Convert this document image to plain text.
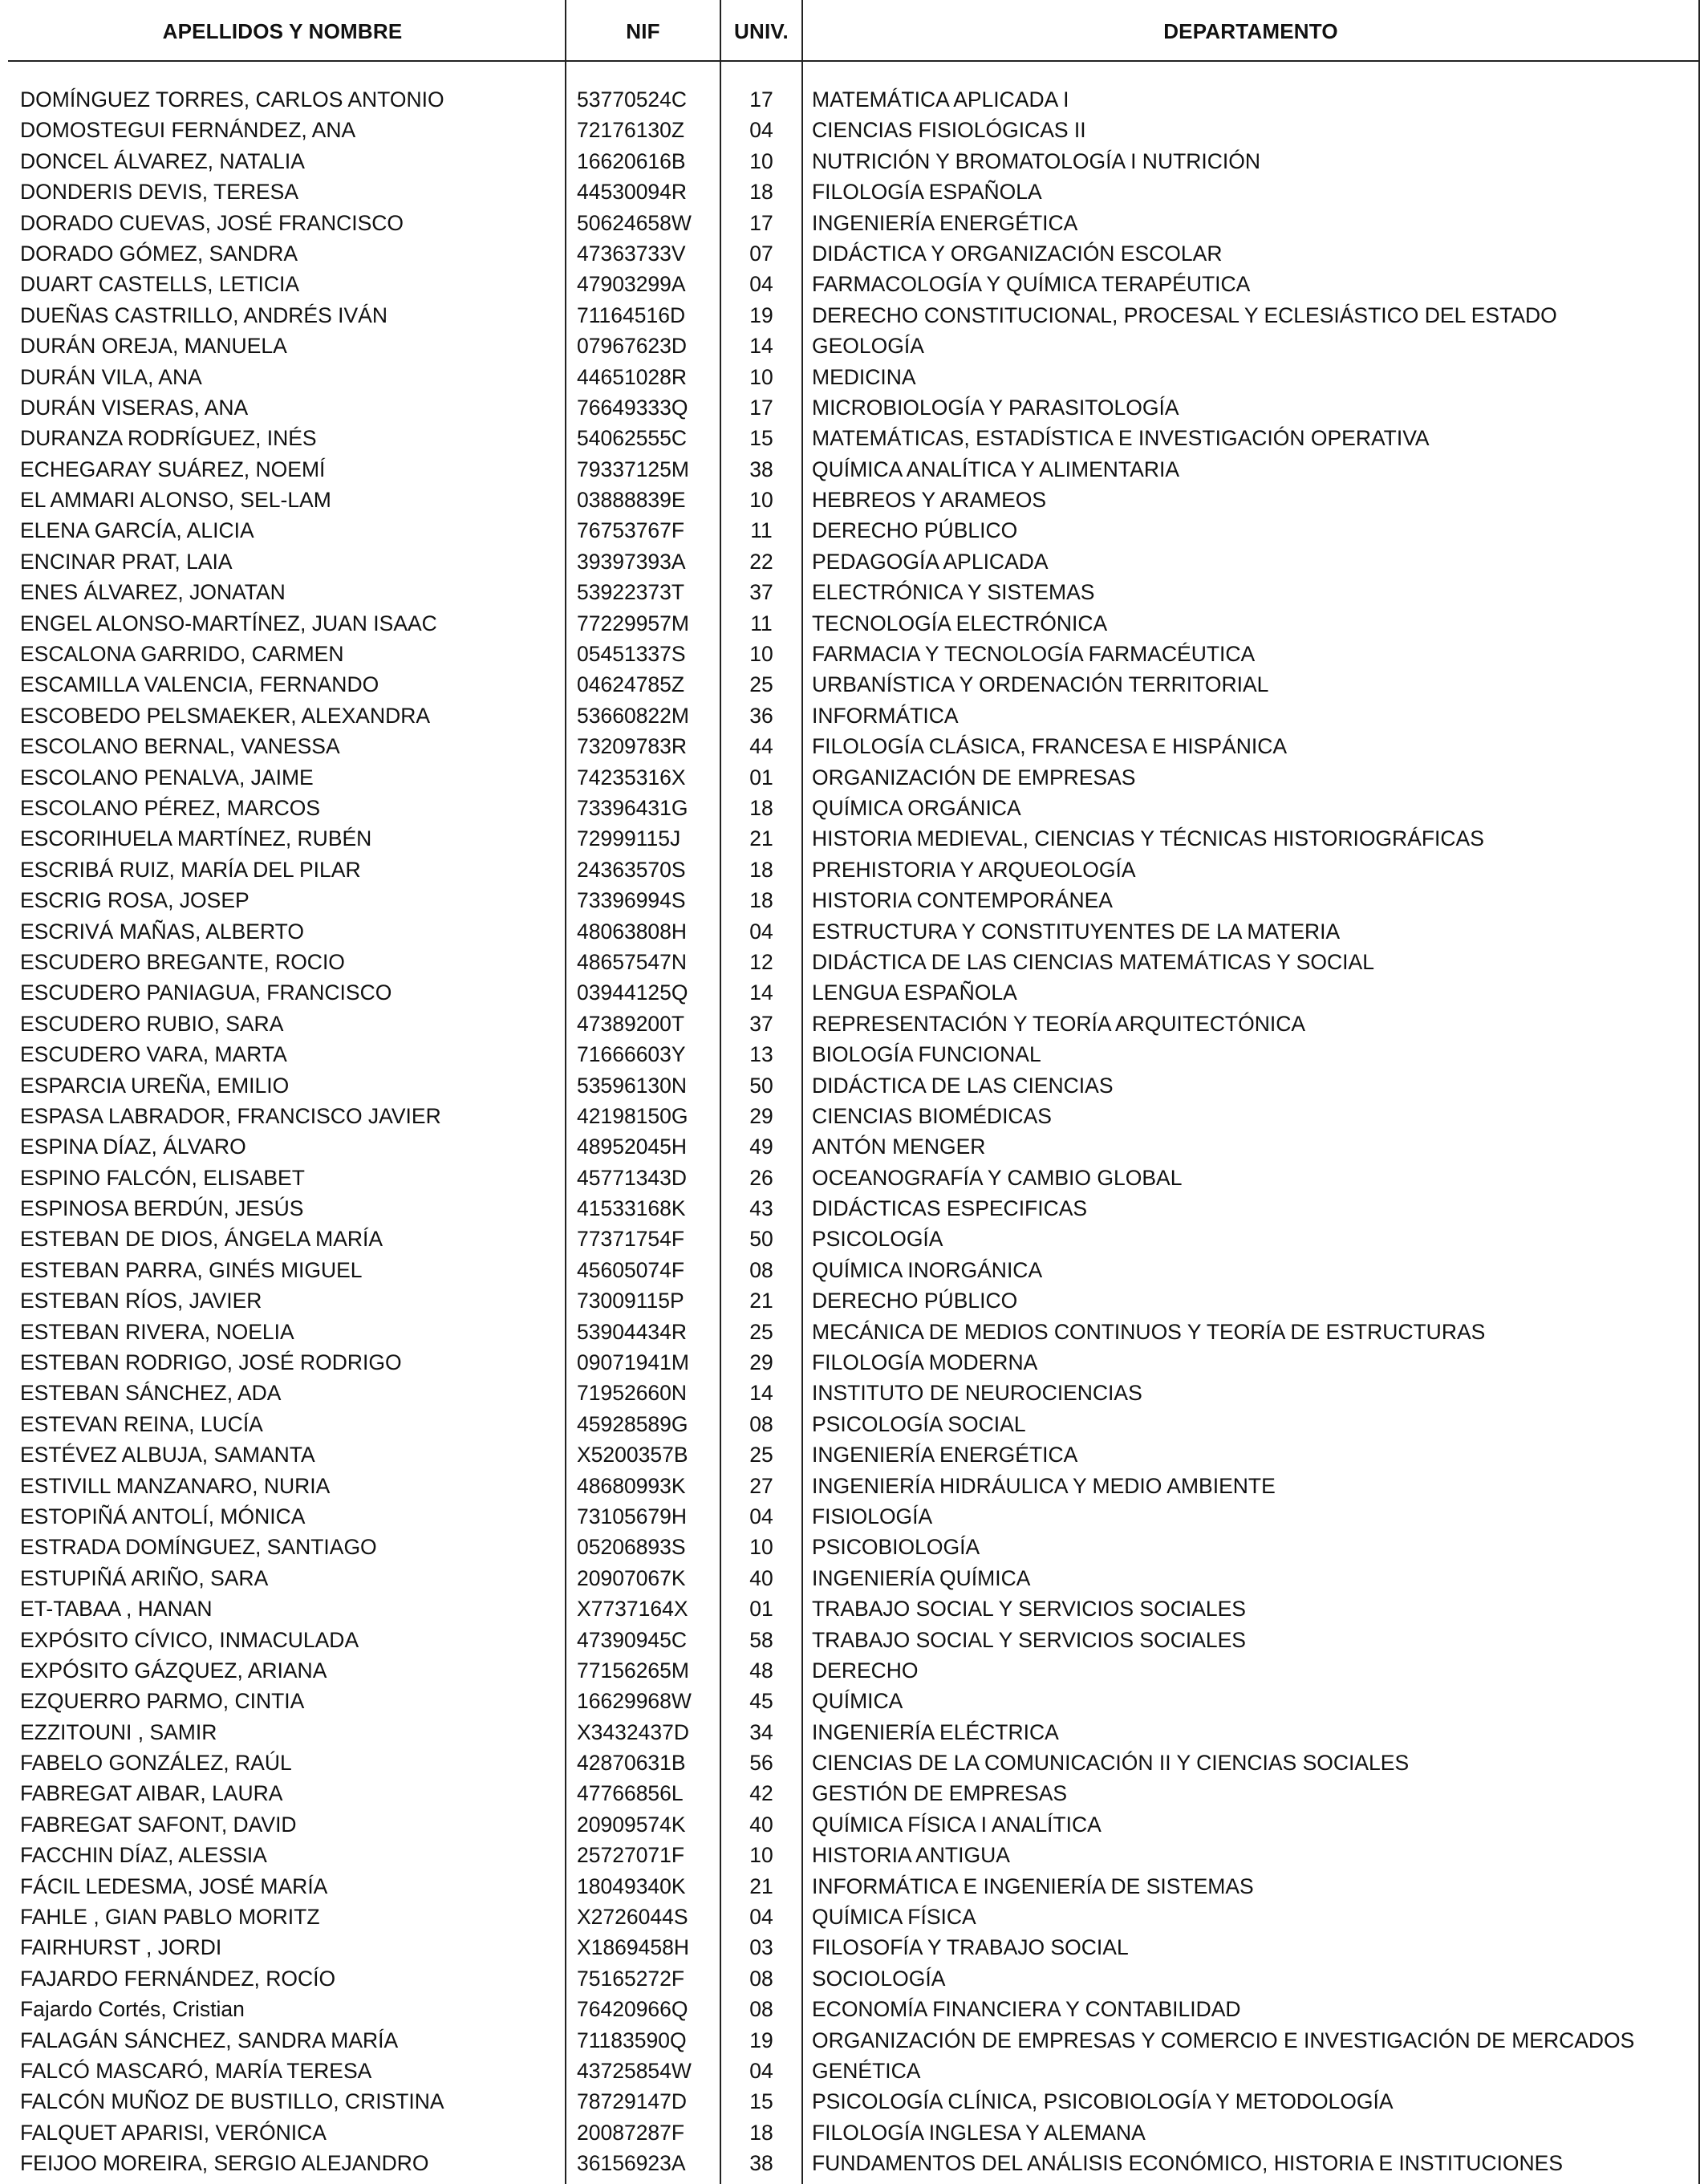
APELLIDOS Y NOMBRE	NIF	UNIV.	DEPARTAMENTO
DOMÍNGUEZ TORRES, CARLOS ANTONIO	53770524C	17	MATEMÁTICA APLICADA I
DOMOSTEGUI FERNÁNDEZ, ANA	72176130Z	04	CIENCIAS FISIOLÓGICAS II
DONCEL ÁLVAREZ, NATALIA	16620616B	10	NUTRICIÓN Y BROMATOLOGÍA I NUTRICIÓN
DONDERIS DEVIS, TERESA	44530094R	18	FILOLOGÍA ESPAÑOLA
DORADO CUEVAS, JOSÉ FRANCISCO	50624658W	17	INGENIERÍA ENERGÉTICA
DORADO GÓMEZ, SANDRA	47363733V	07	DIDÁCTICA Y ORGANIZACIÓN ESCOLAR
DUART CASTELLS, LETICIA	47903299A	04	FARMACOLOGÍA Y QUÍMICA TERAPÉUTICA
DUEÑAS CASTRILLO, ANDRÉS IVÁN	71164516D	19	DERECHO CONSTITUCIONAL, PROCESAL Y ECLESIÁSTICO DEL ESTADO
DURÁN OREJA, MANUELA	07967623D	14	GEOLOGÍA
DURÁN VILA, ANA	44651028R	10	MEDICINA
DURÁN VISERAS, ANA	76649333Q	17	MICROBIOLOGÍA Y PARASITOLOGÍA
DURANZA RODRÍGUEZ, INÉS	54062555C	15	MATEMÁTICAS, ESTADÍSTICA E INVESTIGACIÓN OPERATIVA
ECHEGARAY SUÁREZ, NOEMÍ	79337125M	38	QUÍMICA ANALÍTICA Y ALIMENTARIA
EL AMMARI ALONSO, SEL-LAM	03888839E	10	HEBREOS Y ARAMEOS
ELENA GARCÍA, ALICIA	76753767F	11	DERECHO PÚBLICO
ENCINAR PRAT, LAIA	39397393A	22	PEDAGOGÍA APLICADA
ENES ÁLVAREZ, JONATAN	53922373T	37	ELECTRÓNICA Y SISTEMAS
ENGEL ALONSO-MARTÍNEZ, JUAN ISAAC	77229957M	11	TECNOLOGÍA ELECTRÓNICA
ESCALONA GARRIDO, CARMEN	05451337S	10	FARMACIA Y TECNOLOGÍA FARMACÉUTICA
ESCAMILLA VALENCIA, FERNANDO	04624785Z	25	URBANÍSTICA Y ORDENACIÓN TERRITORIAL
ESCOBEDO PELSMAEKER, ALEXANDRA	53660822M	36	INFORMÁTICA
ESCOLANO BERNAL, VANESSA	73209783R	44	FILOLOGÍA CLÁSICA, FRANCESA E HISPÁNICA
ESCOLANO PENALVA, JAIME	74235316X	01	ORGANIZACIÓN DE EMPRESAS
ESCOLANO PÉREZ, MARCOS	73396431G	18	QUÍMICA ORGÁNICA
ESCORIHUELA MARTÍNEZ, RUBÉN	72999115J	21	HISTORIA MEDIEVAL, CIENCIAS Y TÉCNICAS HISTORIOGRÁFICAS
ESCRIBÁ RUIZ, MARÍA DEL PILAR	24363570S	18	PREHISTORIA Y ARQUEOLOGÍA
ESCRIG ROSA, JOSEP	73396994S	18	HISTORIA CONTEMPORÁNEA
ESCRIVÁ MAÑAS, ALBERTO	48063808H	04	ESTRUCTURA Y CONSTITUYENTES DE LA MATERIA
ESCUDERO BREGANTE, ROCIO	48657547N	12	DIDÁCTICA DE LAS CIENCIAS MATEMÁTICAS Y SOCIAL
ESCUDERO PANIAGUA, FRANCISCO	03944125Q	14	LENGUA ESPAÑOLA
ESCUDERO RUBIO, SARA	47389200T	37	REPRESENTACIÓN Y TEORÍA ARQUITECTÓNICA
ESCUDERO VARA, MARTA	71666603Y	13	BIOLOGÍA FUNCIONAL
ESPARCIA UREÑA, EMILIO	53596130N	50	DIDÁCTICA DE LAS CIENCIAS
ESPASA LABRADOR, FRANCISCO JAVIER	42198150G	29	CIENCIAS BIOMÉDICAS
ESPINA DÍAZ, ÁLVARO	48952045H	49	ANTÓN MENGER
ESPINO FALCÓN, ELISABET	45771343D	26	OCEANOGRAFÍA Y CAMBIO GLOBAL
ESPINOSA BERDÚN, JESÚS	41533168K	43	DIDÁCTICAS ESPECIFICAS
ESTEBAN DE DIOS, ÁNGELA MARÍA	77371754F	50	PSICOLOGÍA
ESTEBAN PARRA, GINÉS MIGUEL	45605074F	08	QUÍMICA INORGÁNICA
ESTEBAN RÍOS, JAVIER	73009115P	21	DERECHO PÚBLICO
ESTEBAN RIVERA, NOELIA	53904434R	25	MECÁNICA DE MEDIOS CONTINUOS Y TEORÍA DE ESTRUCTURAS
ESTEBAN RODRIGO, JOSÉ RODRIGO	09071941M	29	FILOLOGÍA MODERNA
ESTEBAN SÁNCHEZ, ADA	71952660N	14	INSTITUTO DE NEUROCIENCIAS
ESTEVAN REINA, LUCÍA	45928589G	08	PSICOLOGÍA SOCIAL
ESTÉVEZ ALBUJA, SAMANTA	X5200357B	25	INGENIERÍA ENERGÉTICA
ESTIVILL MANZANARO, NURIA	48680993K	27	INGENIERÍA HIDRÁULICA Y MEDIO AMBIENTE
ESTOPIÑÁ ANTOLÍ, MÓNICA	73105679H	04	FISIOLOGÍA
ESTRADA DOMÍNGUEZ, SANTIAGO	05206893S	10	PSICOBIOLOGÍA
ESTUPIÑÁ ARIÑO, SARA	20907067K	40	INGENIERÍA QUÍMICA
ET-TABAA , HANAN	X7737164X	01	TRABAJO SOCIAL Y SERVICIOS SOCIALES
EXPÓSITO CÍVICO, INMACULADA	47390945C	58	TRABAJO SOCIAL Y SERVICIOS SOCIALES
EXPÓSITO GÁZQUEZ, ARIANA	77156265M	48	DERECHO
EZQUERRO PARMO, CINTIA	16629968W	45	QUÍMICA
EZZITOUNI , SAMIR	X3432437D	34	INGENIERÍA ELÉCTRICA
FABELO GONZÁLEZ, RAÚL	42870631B	56	CIENCIAS DE LA COMUNICACIÓN II Y CIENCIAS SOCIALES
FABREGAT AIBAR, LAURA	47766856L	42	GESTIÓN DE EMPRESAS
FABREGAT SAFONT, DAVID	20909574K	40	QUÍMICA FÍSICA I ANALÍTICA
FACCHIN DÍAZ, ALESSIA	25727071F	10	HISTORIA ANTIGUA
FÁCIL LEDESMA, JOSÉ MARÍA	18049340K	21	INFORMÁTICA E INGENIERÍA DE SISTEMAS
FAHLE , GIAN PABLO MORITZ	X2726044S	04	QUÍMICA FÍSICA
FAIRHURST , JORDI	X1869458H	03	FILOSOFÍA Y TRABAJO SOCIAL
FAJARDO FERNÁNDEZ, ROCÍO	75165272F	08	SOCIOLOGÍA
Fajardo Cortés, Cristian	76420966Q	08	ECONOMÍA FINANCIERA Y CONTABILIDAD
FALAGÁN SÁNCHEZ, SANDRA MARÍA	71183590Q	19	ORGANIZACIÓN DE EMPRESAS Y COMERCIO E INVESTIGACIÓN DE MERCADOS
FALCÓ MASCARÓ, MARÍA TERESA	43725854W	04	GENÉTICA
FALCÓN MUÑOZ DE BUSTILLO, CRISTINA	78729147D	15	PSICOLOGÍA CLÍNICA, PSICOBIOLOGÍA Y METODOLOGÍA
FALQUET APARISI, VERÓNICA	20087287F	18	FILOLOGÍA INGLESA Y ALEMANA
FEIJOO MOREIRA, SERGIO ALEJANDRO	36156923A	38	FUNDAMENTOS DEL ANÁLISIS ECONÓMICO, HISTORIA E INSTITUCIONES
